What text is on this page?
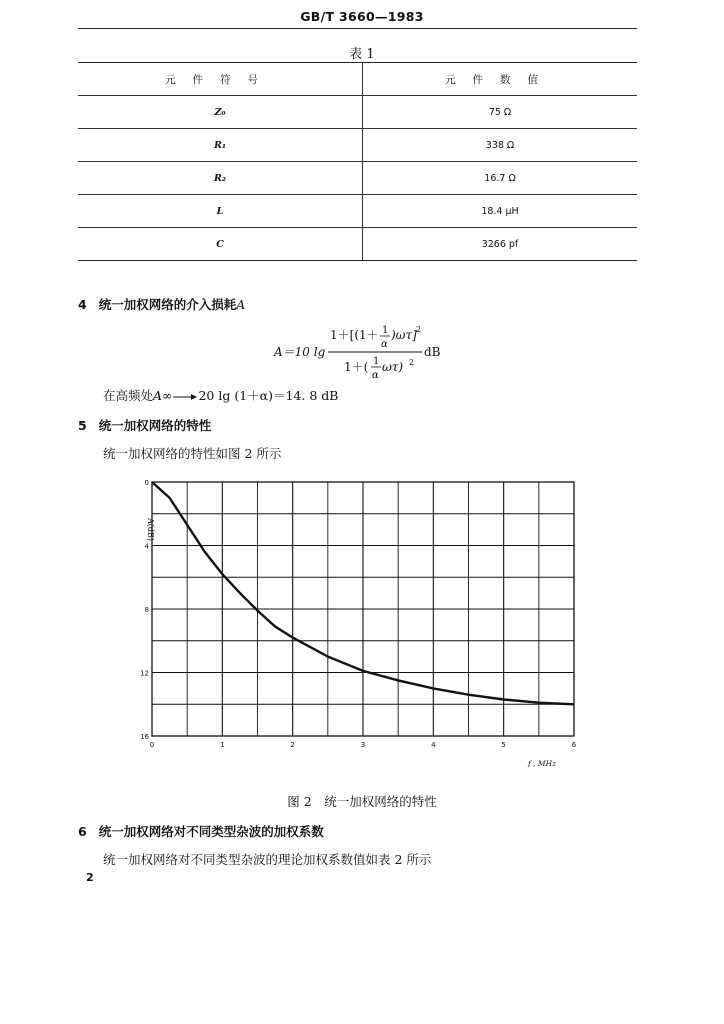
GB/T 3660—1983
表 1
元件符号	元件数值
Z₀	75 Ω
R₁	338 Ω
R₂	16.7 Ω
L	18.4 μH
C	3266 pf
4 统一加权网络的介入损耗A
A＝10 lg
1＋[(1＋ 1
α
)ωτ] 2
1＋( 1
α
ωτ) 2
dB
在高频处A∞ 20 lg (1＋α)＝14. 8 dB
5 统一加权网络的特性
统一加权网络的特性如图 2 所示
0	1	2	3	4	5	6
0
4
8
12
16
A(dB)
f , MHz
图 2　统一加权网络的特性
6 统一加权网络对不同类型杂波的加权系数
统一加权网络对不同类型杂波的理论加权系数值如表 2 所示
2
